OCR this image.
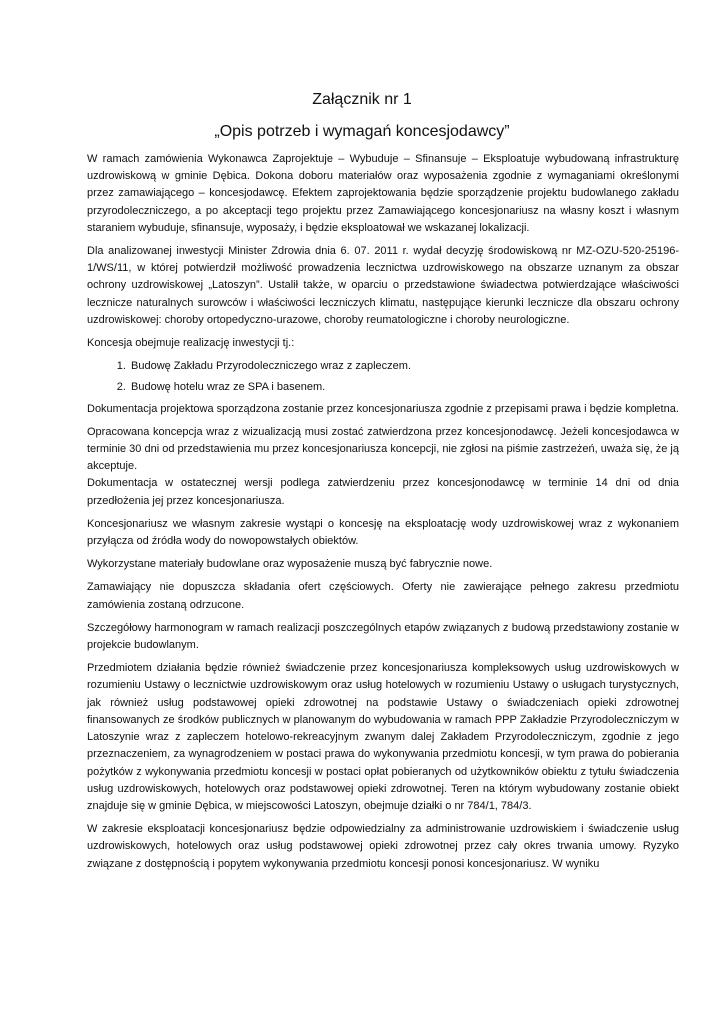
Załącznik nr 1
„Opis potrzeb i wymagań koncesjodawcy”

W ramach zamówienia Wykonawca Zaprojektuje – Wybuduje – Sfinansuje – Eksploatuje wybudowaną infrastrukturę uzdrowiskową w gminie Dębica. Dokona doboru materiałów oraz wyposażenia zgodnie z wymaganiami określonymi przez zamawiającego – koncesjodawcę. Efektem zaprojektowania będzie sporządzenie projektu budowlanego zakładu przyrodoleczniczego, a po akceptacji tego projektu przez Zamawiającego koncesjonariusz na własny koszt i własnym staraniem wybuduje, sfinansuje, wyposaży, i będzie eksploatował we wskazanej lokalizacji.

Dla analizowanej inwestycji Minister Zdrowia dnia 6. 07. 2011 r. wydał decyzję środowiskową nr MZ-OZU-520-25196-1/WS/11, w której potwierdził możliwość prowadzenia lecznictwa uzdrowiskowego na obszarze uznanym za obszar ochrony uzdrowiskowej „Latoszyn”. Ustalił także, w oparciu o przedstawione świadectwa potwierdzające właściwości lecznicze naturalnych surowców i właściwości leczniczych klimatu, następujące kierunki lecznicze dla obszaru ochrony uzdrowiskowej: choroby ortopedyczno-urazowe, choroby reumatologiczne i choroby neurologiczne.

Koncesja obejmuje realizację inwestycji tj.:

1. Budowę Zakładu Przyrodoleczniczego wraz z zapleczem.
2. Budowę hotelu wraz ze SPA i basenem.

Dokumentacja projektowa sporządzona zostanie przez koncesjonariusza zgodnie z przepisami prawa i będzie kompletna.

Opracowana koncepcja wraz z wizualizacją musi zostać zatwierdzona przez koncesjonodawcę. Jeżeli koncesjodawca w terminie 30 dni od przedstawienia mu przez koncesjonariusza koncepcji, nie zgłosi na piśmie zastrzeżeń, uważa się, że ją akceptuje.

Dokumentacja w ostatecznej wersji podlega zatwierdzeniu przez koncesjonodawcę w terminie 14 dni od dnia przedłożenia jej przez koncesjonariusza.

Koncesjonariusz we własnym zakresie wystąpi o koncesję na eksploatację wody uzdrowiskowej wraz z wykonaniem przyłącza od źródła wody do nowopowstałych obiektów.

Wykorzystane materiały budowlane oraz wyposażenie muszą być fabrycznie nowe.

Zamawiający nie dopuszcza składania ofert częściowych. Oferty nie zawierające pełnego zakresu przedmiotu zamówienia zostaną odrzucone.

Szczegółowy harmonogram w ramach realizacji poszczególnych etapów związanych z budową przedstawiony zostanie w projekcie budowlanym.

Przedmiotem działania będzie również świadczenie przez koncesjonariusza kompleksowych usług uzdrowiskowych w rozumieniu Ustawy o lecznictwie uzdrowiskowym oraz usług hotelowych w rozumieniu Ustawy o usługach turystycznych, jak również usług podstawowej opieki zdrowotnej na podstawie Ustawy o świadczeniach opieki zdrowotnej finansowanych ze środków publicznych w planowanym do wybudowania w ramach PPP Zakładzie Przyrodoleczniczym w Latoszynie wraz z zapleczem hotelowo-rekreacyjnym zwanym dalej Zakładem Przyrodoleczniczym, zgodnie z jego przeznaczeniem, za wynagrodzeniem w postaci prawa do wykonywania przedmiotu koncesji, w tym prawa do pobierania pożytków z wykonywania przedmiotu koncesji w postaci opłat pobieranych od użytkowników obiektu z tytułu świadczenia usług uzdrowiskowych, hotelowych oraz podstawowej opieki zdrowotnej. Teren na którym wybudowany zostanie obiekt znajduje się w gminie Dębica, w miejscowości Latoszyn, obejmuje działki o nr 784/1, 784/3.

W zakresie eksploatacji koncesjonariusz będzie odpowiedzialny za administrowanie uzdrowiskiem i świadczenie usług uzdrowiskowych, hotelowych oraz usług podstawowej opieki zdrowotnej przez cały okres trwania umowy. Ryzyko związane z dostępnością i popytem wykonywania przedmiotu koncesji ponosi koncesjonariusz. W wyniku
